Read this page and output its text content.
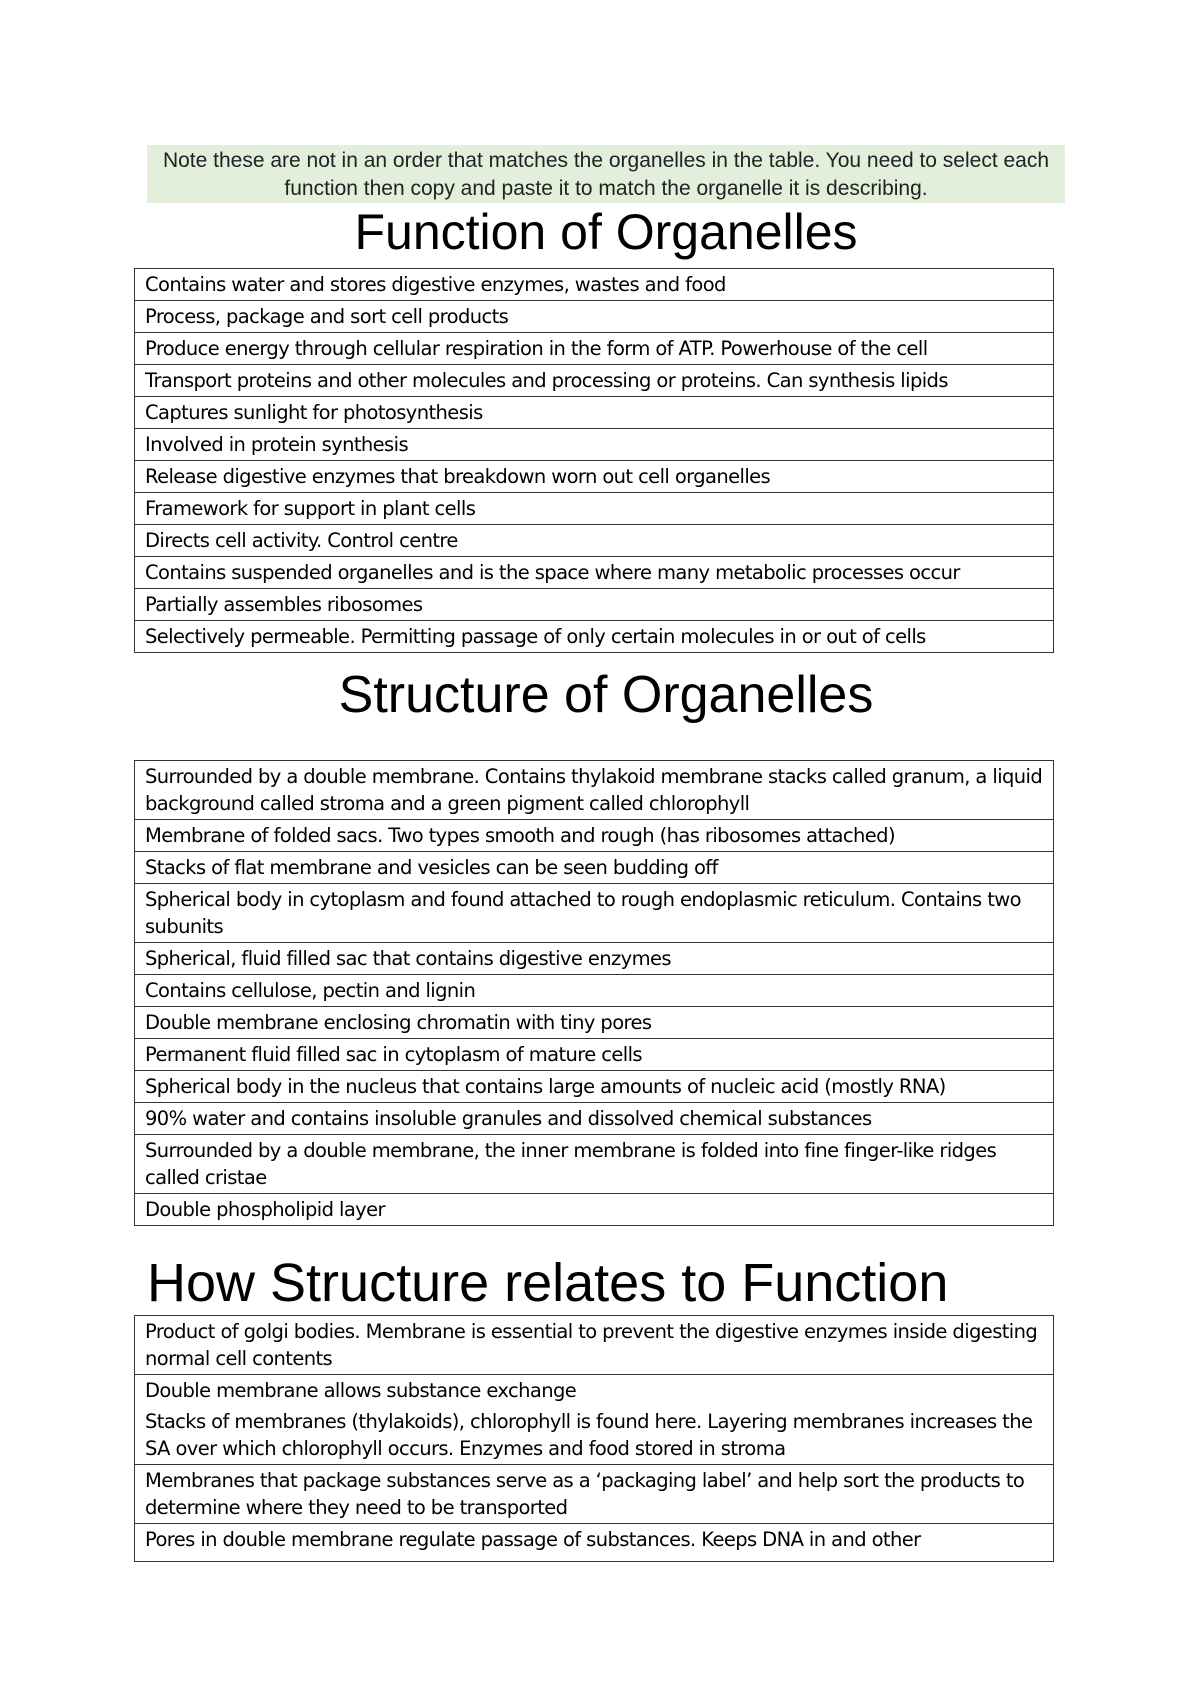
Note these are not in an order that matches the organelles in the table. You need to select each function then copy and paste it to match the organelle it is describing.
Function of Organelles
Contains water and stores digestive enzymes, wastes and food
Process, package and sort cell products
Produce energy through cellular respiration in the form of ATP. Powerhouse of the cell
Transport proteins and other molecules and processing or proteins. Can synthesis lipids
Captures sunlight for photosynthesis
Involved in protein synthesis
Release digestive enzymes that breakdown worn out cell organelles
Framework for support in plant cells
Directs cell activity. Control centre
Contains suspended organelles and is the space where many metabolic processes occur
Partially assembles ribosomes
Selectively permeable. Permitting passage of only certain molecules in or out of cells
Structure of Organelles
Surrounded by a double membrane. Contains thylakoid membrane stacks called granum, a liquid background called stroma and a green pigment called chlorophyll
Membrane of folded sacs. Two types smooth and rough (has ribosomes attached)
Stacks of flat membrane and vesicles can be seen budding off
Spherical body in cytoplasm and found attached to rough endoplasmic reticulum. Contains two subunits
Spherical, fluid filled sac that contains digestive enzymes
Contains cellulose, pectin and lignin
Double membrane enclosing chromatin with tiny pores
Permanent fluid filled sac in cytoplasm of mature cells
Spherical body in the nucleus that contains large amounts of nucleic acid (mostly RNA)
90% water and contains insoluble granules and dissolved chemical substances
Surrounded by a double membrane, the inner membrane is folded into fine finger-like ridges called cristae
Double phospholipid layer
How Structure relates to Function
Product of golgi bodies. Membrane is essential to prevent the digestive enzymes inside digesting normal cell contents
Double membrane allows substance exchange
Stacks of membranes (thylakoids), chlorophyll is found here. Layering membranes increases the SA over which chlorophyll occurs. Enzymes and food stored in stroma
Membranes that package substances serve as a ‘packaging label’ and help sort the products to determine where they need to be transported
Pores in double membrane regulate passage of substances. Keeps DNA in and other
